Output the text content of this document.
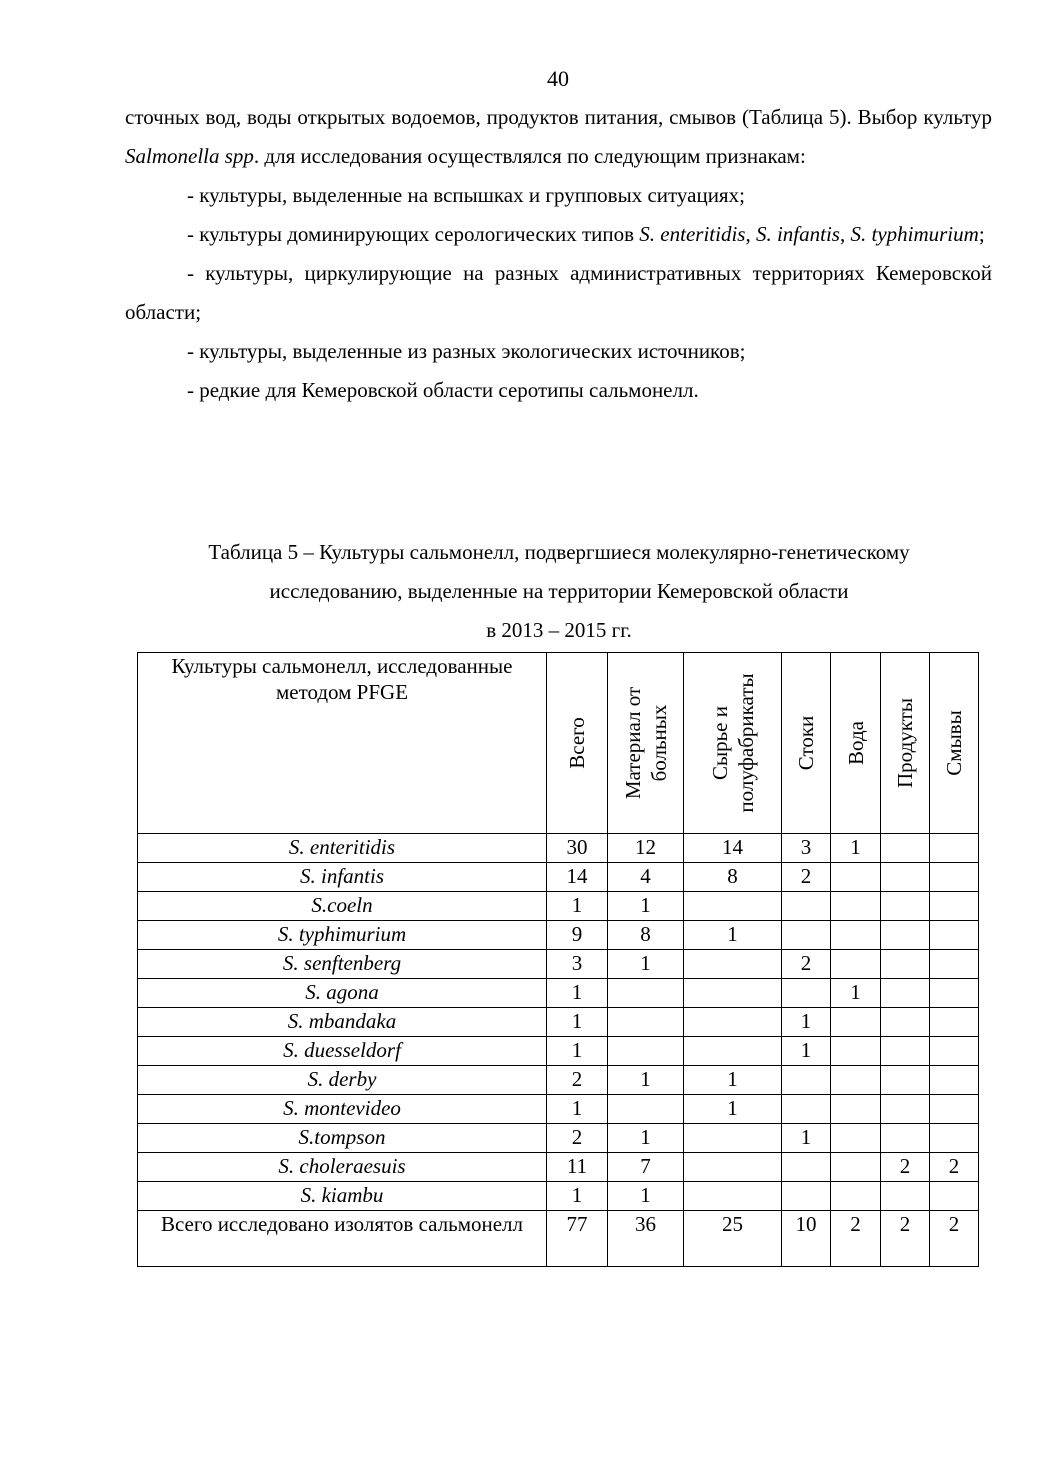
40

сточных вод, воды открытых водоемов, продуктов питания, смывов (Таблица 5). Выбор культур Salmonella spp. для исследования осуществлялся по следующим признакам:

- культуры, выделенные на вспышках и групповых ситуациях;

- культуры доминирующих серологических типов S. enteritidis, S. infantis, S. typhimurium;

- культуры, циркулирующие на разных административных территориях Кемеровской области;

- культуры, выделенные из разных экологических источников;

- редкие для Кемеровской области серотипы сальмонелл.

Таблица 5 – Культуры сальмонелл, подвергшиеся молекулярно-генетическому
исследованию, выделенные на территории Кемеровской области
в 2013 – 2015 гг.
Культуры сальмонелл, исследованные методом PFGE	Всего	Материал от больных	Сырье и полуфабрикаты	Стоки	Вода	Продукты	Смывы

S. enteritidis	30	12	14	3	1		
S. infantis	14	4	8	2			
S.coeln	1	1					
S. typhimurium	9	8	1				
S. senftenberg	3	1		2			
S. agona	1				1		
S. mbandaka	1			1			
S. duesseldorf	1			1			
S. derby	2	1	1				
S. montevideo	1		1				
S.tompson	2	1		1			
S. choleraesuis	11	7				2	2
S. kiambu	1	1					
Всего исследовано изолятов сальмонелл	77	36	25	10	2	2	2
